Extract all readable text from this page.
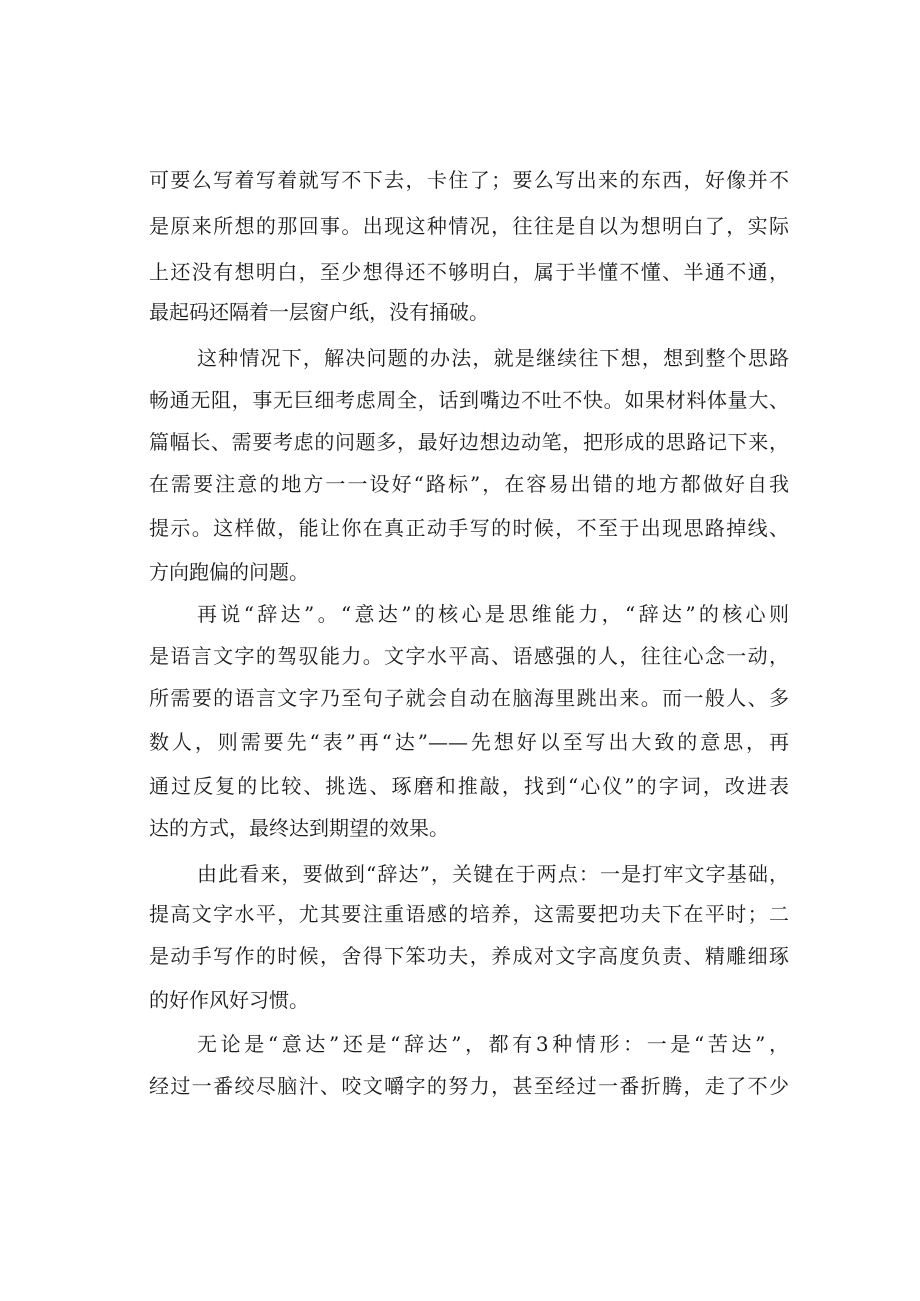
可要么写着写着就写不下去，卡住了；要么写出来的东西，好像并不
是原来所想的那回事。出现这种情况，往往是自以为想明白了，实际
上还没有想明白，至少想得还不够明白，属于半懂不懂、半通不通，
最起码还隔着一层窗户纸，没有捅破。
这种情况下，解决问题的办法，就是继续往下想，想到整个思路
畅通无阻，事无巨细考虑周全，话到嘴边不吐不快。如果材料体量大、
篇幅长、需要考虑的问题多，最好边想边动笔，把形成的思路记下来，
在需要注意的地方一一设好“路标”，在容易出错的地方都做好自我
提示。这样做，能让你在真正动手写的时候，不至于出现思路掉线、
方向跑偏的问题。
再说“辞达”。“意达”的核心是思维能力，“辞达”的核心则
是语言文字的驾驭能力。文字水平高、语感强的人，往往心念一动，
所需要的语言文字乃至句子就会自动在脑海里跳出来。而一般人、多
数人，则需要先“表”再“达”——先想好以至写出大致的意思，再
通过反复的比较、挑选、琢磨和推敲，找到“心仪”的字词，改进表
达的方式，最终达到期望的效果。
由此看来，要做到“辞达”，关键在于两点：一是打牢文字基础，
提高文字水平，尤其要注重语感的培养，这需要把功夫下在平时；二
是动手写作的时候，舍得下笨功夫，养成对文字高度负责、精雕细琢
的好作风好习惯。
无论是“意达”还是“辞达”，都有3种情形：一是“苦达”，
经过一番绞尽脑汁、咬文嚼字的努力，甚至经过一番折腾，走了不少
